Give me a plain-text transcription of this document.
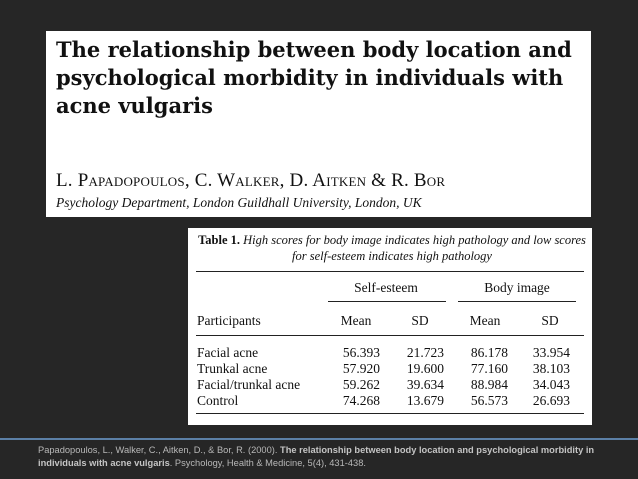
The relationship between body location and psychological morbidity in individuals with acne vulgaris
L. Papadopoulos, C. Walker, D. Aitken & R. Bor
Psychology Department, London Guildhall University, London, UK
Table 1. High scores for body image indicates high pathology and low scores for self-esteem indicates high pathology
Self-esteem	Body image
Participants	Mean	SD	Mean	SD
Facial acne	56.393	21.723	86.178	33.954
Trunkal acne	57.920	19.600	77.160	38.103
Facial/trunkal acne	59.262	39.634	88.984	34.043
Control	74.268	13.679	56.573	26.693
Papadopoulos, L., Walker, C., Aitken, D., & Bor, R. (2000). The relationship between body location and psychological morbidity in individuals with acne vulgaris. Psychology, Health & Medicine, 5(4), 431-438.
